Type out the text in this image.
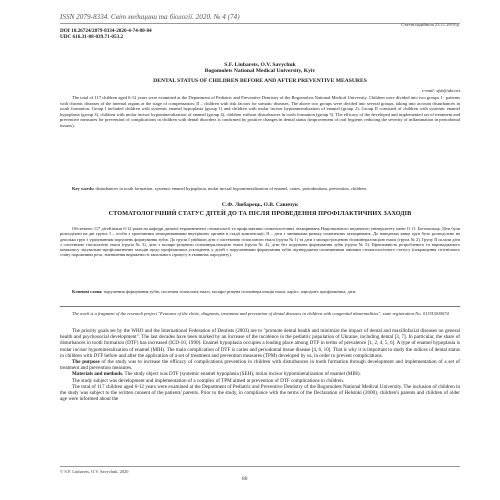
ISSN 2079-8334. Світ медицини та біології. 2020. № 4 (74)
Стаття надійшла 23.11.2019 р.
DOI 10.26724/2079-8334-2020-4-74-80-84
UDC 616.31-08-039.71-053.2
S.F. Liubarets, O.V. Savychuk
Bogomolets National Medical University, Kyiv
DENTAL STATUS OF CHILDREN BEFORE AND AFTER PREVENTIVE MEASURES
e-mail: sfsb@ukr.net
The total of 117 children aged 6-12 years were examined at the Department of Pediatric and Preventive Dentistry of the Bogomolets National Medical University. Children were divided into two groups I - patients with chronic diseases of the internal organs at the stage of compensation; II – children with risk factors for somatic diseases. The above two groups were divided into several groups, taking into account disturbances in tooth formation. Group I included children with systemic enamel hypoplasia (group 1) and children with molar incisor hypomineralization of enamel (group 2). Group II consisted of children with systemic enamel hypoplasia (group 3), children with molar incisor hypomineralization of enamel (group 4), children without disturbances in tooth formation (group 5). The efficacy of the developed and implemented set of treatment and preventive measures for prevention of complications in children with dental disorders is confirmed by positive changes in dental status (improvement of oral hygiene, reducing the severity of inflammation in periodontal tissues).
Key words: disturbances in tooth formation, systemic enamel hypoplasia, molar incisal hypomineralization of enamel, caries, periodontium, prevention, children.
С.Ф. Любарець, О.В. Савичук
СТОМАТОЛОГІЧНИЙ СТАТУС ДІТЕЙ ДО ТА ПІСЛЯ ПРОВЕДЕННЯ ПРОФІЛАКТИЧНИХ ЗАХОДІВ
Обстежено 117 дітей віком 6-12 років на кафедрі дитячої терапевтичної стоматології та профілактики стоматологічних захворювань Національного медичного університету імені О. О. Богомольця. Діти були розподілені на дві групи: І – особи з хронічними захворюваннями внутрішніх органів в стадії компенсації; ІІ – діти з чинниками ризику соматичних захворювань. До наведених вище груп було розподілено на декілька груп з урахуванням порушень формування зубів. До групи І увійшли діти з системною гіпоплазією емалі (група № 1) та діти з моляро-різцевою гіпомінералізацією емалі (група № 2). Групу ІІ склали діти з системною гіпоплазією емалі (група № 3), діти з моляро-різцевою гіпомінералізацією емалі (група № 4), діти без порушень формування зубів (група № 5). Ефективність розробленого та впровадженого комплексу лікувально-профілактичних заходів щодо профілактики ускладнень у дітей з порушеннями формування зубів підтверджена позитивними змінами стоматологічного статусу (покращення гігієнічного стану порожнини рота, зменшення вираженості запального процесу в тканинах пародонту).
Ключові слова: порушення формування зубів, системна гіпоплазія емалі, моляро-різцева гіпомінералізація емалі, карієс, пародонт, профілактика, діти.
The work is a fragment of the research project "Features of the clinic, diagnosis, treatment and prevention of dental diseases in children with congenital abnormalities", state registration No. 0115U000074.

The priority goals set by the WHO and the International Federation of Dentists (2003) are to "promote dental health and minimize the impact of dental and maxillofacial diseases on general health and psychosocial development". The last decades have been marked by an increase of the incidence in the pediatric population of Ukraine, including dental [3, 7]. In particular, the share of disturbances in tooth formation (DTF) has increased (ICD-10, 1990). Enamel hypoplasia occupies a leading place among DTF in terms of prevalence [1, 2, 4, 5, 6]. A type of enamel hypoplasia is molar incisor hypomineralization of enamel (MIH). The main complication of DTF is caries and periodontal tissue disease [4, 6, 10]. That is why it is important to study the indices of dental status in children with DTF before and after the application of a set of treatment and prevention measures (TPM) developed by us, in order to prevent complications.

The purpose of the study was to increase the efficacy of complications prevention in children with disturbances in tooth formation through development and implementation of a set of treatment and prevention measures.

Materials and methods. The study object was DTF (systemic enamel hypoplasia (SEH), molar incisor hypomineralization of enamel (MIH).

The study subject was development and implementation of a complex of TPM aimed at prevention of DTF complications in children.

The total of 117 children aged 6-12 years were examined at the Department of Pediatric and Preventive Dentistry of the Bogomolets National Medical University. The inclusion of children in the study was subject to the written consent of the patients' parents. Prior to the study, in compliance with the terms of the Declaration of Helsinki (2000), children's parents and children of older age were informed about the

© S.F. Liubarets, O.V. Savychuk, 2020
80
